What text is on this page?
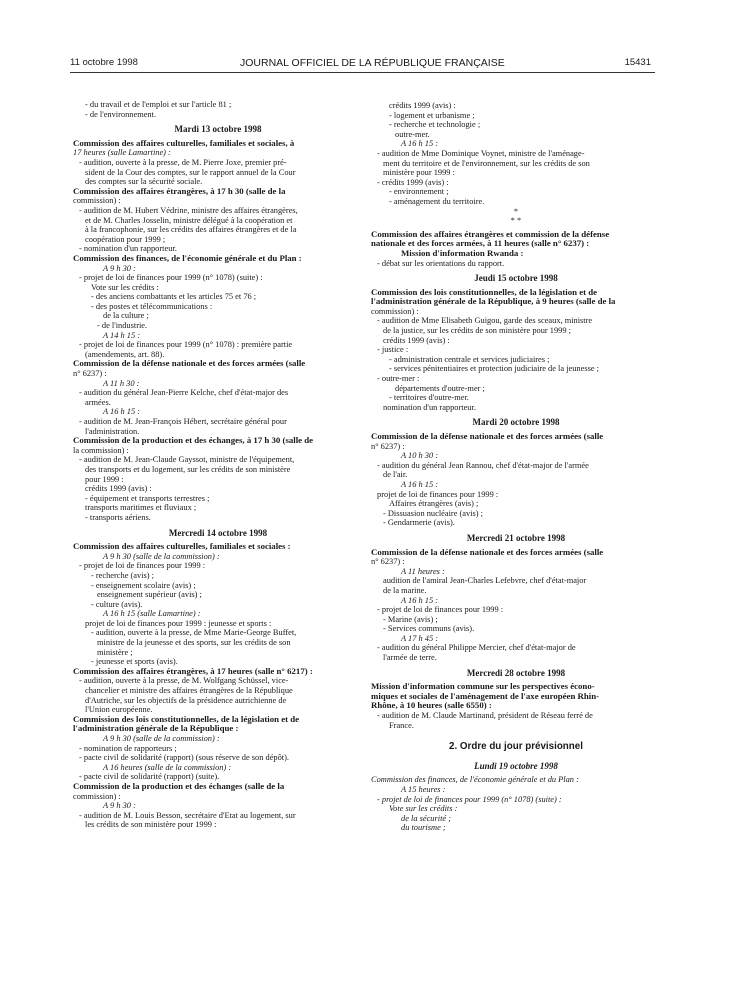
11 octobre 1998	JOURNAL OFFICIEL DE LA RÉPUBLIQUE FRANÇAISE	15431
- du travail et de l'emploi et sur l'article 81 ;
- de l'environnement.
Mardi 13 octobre 1998
Commission des affaires culturelles, familiales et sociales, à
17 heures (salle Lamartine) :
- audition, ouverte à la presse, de M. Pierre Joxe, premier pré-
sident de la Cour des comptes, sur le rapport annuel de la Cour
des comptes sur la sécurité sociale.
Commission des affaires étrangères, à 17 h 30 (salle de la
commission) :
- audition de M. Hubert Védrine, ministre des affaires étrangères,
et de M. Charles Josselin, ministre délégué à la coopération et
à la francophonie, sur les crédits des affaires étrangères et de la
coopération pour 1999 ;
- nomination d'un rapporteur.
Commission des finances, de l'économie générale et du Plan :
A 9 h 30 :
- projet de loi de finances pour 1999 (n° 1078) (suite) :
Vote sur les crédits :
- des anciens combattants et les articles 75 et 76 ;
- des postes et télécommunications :
de la culture ;
- de l'industrie.
A 14 h 15 :
- projet de loi de finances pour 1999 (n° 1078) : première partie
(amendements, art. 88).
Commission de la défense nationale et des forces armées (salle
n° 6237) :
A 11 h 30 :
- audition du général Jean-Pierre Kelche, chef d'état-major des
armées.
A 16 h 15 :
- audition de M. Jean-François Hébert, secrétaire général pour
l'administration.
Commission de la production et des échanges, à 17 h 30 (salle de
la commission) :
- audition de M. Jean-Claude Gayssot, ministre de l'équipement,
des transports et du logement, sur les crédits de son ministère
pour 1999 :
crédits 1999 (avis) :
- équipement et transports terrestres ;
transports maritimes et fluviaux ;
- transports aériens.
Mercredi 14 octobre 1998
Commission des affaires culturelles, familiales et sociales :
A 9 h 30 (salle de la commission) :
- projet de loi de finances pour 1999 :
- recherche (avis) ;
- enseignement scolaire (avis) ;
enseignement supérieur (avis) ;
- culture (avis).
A 16 h 15 (salle Lamartine) :
projet de loi de finances pour 1999 : jeunesse et sports :
- audition, ouverte à la presse, de Mme Marie-George Buffet,
ministre de la jeunesse et des sports, sur les crédits de son
ministère ;
- jeunesse et sports (avis).
Commission des affaires étrangères, à 17 heures (salle n° 6217) :
- audition, ouverte à la presse, de M. Wolfgang Schüssel, vice-
chancelier et ministre des affaires étrangères de la République
d'Autriche, sur les objectifs de la présidence autrichienne de
l'Union européenne.
Commission des lois constitutionnelles, de la législation et de
l'administration générale de la République :
A 9 h 30 (salle de la commission) :
- nomination de rapporteurs ;
- pacte civil de solidarité (rapport) (sous réserve de son dépôt).
A 16 heures (salle de la commission) :
- pacte civil de solidarité (rapport) (suite).
Commission de la production et des échanges (salle de la
commission) :
A 9 h 30 :
- audition de M. Louis Besson, secrétaire d'Etat au logement, sur
les crédits de son ministère pour 1999 :
crédits 1999 (avis) :
- logement et urbanisme ;
- recherche et technologie ;
outre-mer.
A 16 h 15 :
- audition de Mme Dominique Voynet, ministre de l'aménage-
ment du territoire et de l'environnement, sur les crédits de son
ministère pour 1999 :
- crédits 1999 (avis) :
- environnement ;
- aménagement du territoire.
*
* *
Commission des affaires étrangères et commission de la défense
nationale et des forces armées, à 11 heures (salle n° 6237) :
Mission d'information Rwanda :
- débat sur les orientations du rapport.
Jeudi 15 octobre 1998
Commission des lois constitutionnelles, de la législation et de
l'administration générale de la République, à 9 heures (salle de la
commission) :
- audition de Mme Elisabeth Guigou, garde des sceaux, ministre
de la justice, sur les crédits de son ministère pour 1999 ;
crédits 1999 (avis) :
- justice :
- administration centrale et services judiciaires ;
- services pénitentiaires et protection judiciaire de la jeunesse ;
- outre-mer :
départements d'outre-mer ;
- territoires d'outre-mer.
nomination d'un rapporteur.
Mardi 20 octobre 1998
Commission de la défense nationale et des forces armées (salle
n° 6237) :
A 10 h 30 :
- audition du général Jean Rannou, chef d'état-major de l'armée
de l'air.
A 16 h 15 :
projet de loi de finances pour 1999 :
Affaires étrangères (avis) ;
- Dissuasion nucléaire (avis) ;
- Gendarmerie (avis).
Mercredi 21 octobre 1998
Commission de la défense nationale et des forces armées (salle
n° 6237) :
A 11 heures :
audition de l'amiral Jean-Charles Lefebvre, chef d'état-major
de la marine.
A 16 h 15 :
- projet de loi de finances pour 1999 :
- Marine (avis) ;
- Services communs (avis).
A 17 h 45 :
- audition du général Philippe Mercier, chef d'état-major de
l'armée de terre.
Mercredi 28 octobre 1998
Mission d'information commune sur les perspectives écono-
miques et sociales de l'aménagement de l'axe européen Rhin-
Rhône, à 10 heures (salle 6550) :
- audition de M. Claude Martinand, président de Réseau ferré de
France.
2. Ordre du jour prévisionnel
Lundi 19 octobre 1998
Commission des finances, de l'économie générale et du Plan :
A 15 heures :
- projet de loi de finances pour 1999 (n° 1078) (suite) :
Vote sur les crédits :
de la sécurité ;
du tourisme ;
